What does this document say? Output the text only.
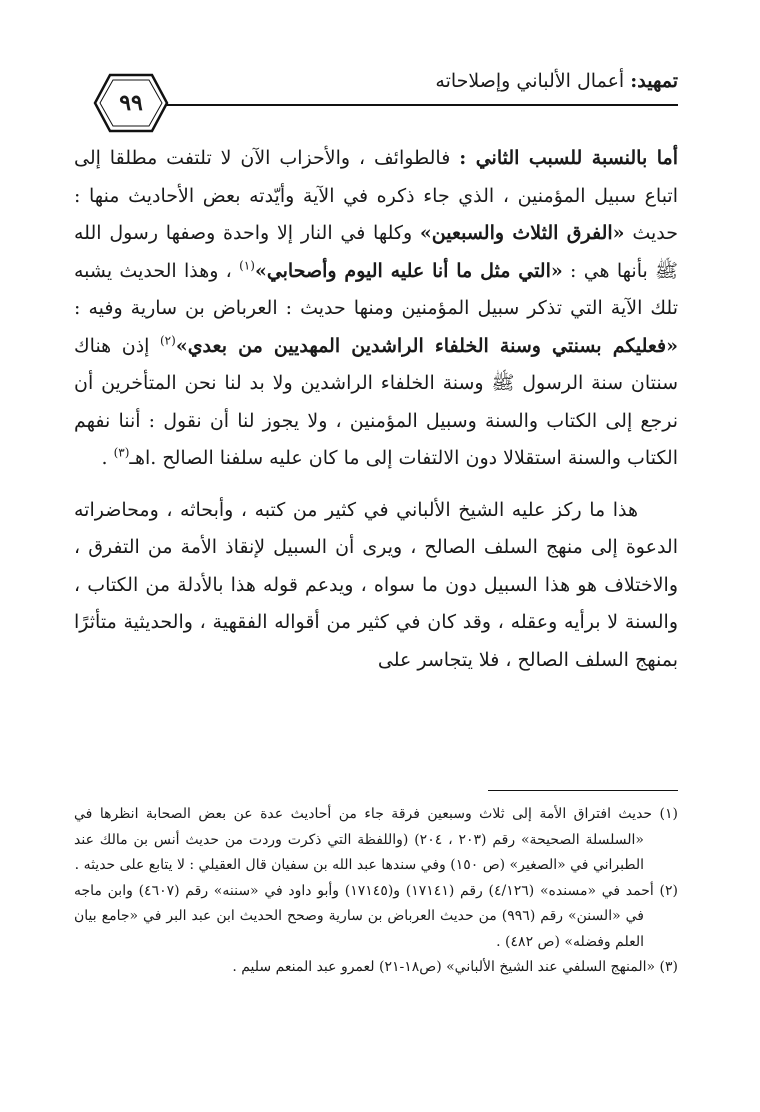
تمهيد: أعمال الألباني وإصلاحاته
٩٩

أما بالنسبة للسبب الثاني : فالطوائف ، والأحزاب الآن لا تلتفت مطلقا إلى اتباع سبيل المؤمنين ، الذي جاء ذكره في الآية وأيّدته بعض الأحاديث منها : حديث «الفرق الثلاث والسبعين» وكلها في النار إلا واحدة وصفها رسول الله ﷺ بأنها هي : «التي مثل ما أنا عليه اليوم وأصحابي»$^{(١)}$ ، وهذا الحديث يشبه تلك الآية التي تذكر سبيل المؤمنين ومنها حديث : العرباض بن سارية وفيه : «فعليكم بسنتي وسنة الخلفاء الراشدين المهديين من بعدي»$^{(٢)}$ إذن هناك سنتان سنة الرسول ﷺ وسنة الخلفاء الراشدين ولا بد لنا نحن المتأخرين أن نرجع إلى الكتاب والسنة وسبيل المؤمنين ، ولا يجوز لنا أن نقول : أننا نفهم الكتاب والسنة استقلالا دون الالتفات إلى ما كان عليه سلفنا الصالح .اهـ$^{(٣)}$ .

هذا ما ركز عليه الشيخ الألباني في كثير من كتبه ، وأبحاثه ، ومحاضراته الدعوة إلى منهج السلف الصالح ، ويرى أن السبيل لإنقاذ الأمة من التفرق ، والاختلاف هو هذا السبيل دون ما سواه ، ويدعم قوله هذا بالأدلة من الكتاب ، والسنة لا برأيه وعقله ، وقد كان في كثير من أقواله الفقهية ، والحديثية متأثرًا بمنهج السلف الصالح ، فلا يتجاسر على

(١) حديث افتراق الأمة إلى ثلاث وسبعين فرقة جاء من أحاديث عدة عن بعض الصحابة انظرها في «السلسلة الصحيحة» رقم (٢٠٣ ، ٢٠٤) (واللفظة التي ذكرت وردت من حديث أنس بن مالك عند الطبراني في «الصغير» (ص ١٥٠) وفي سندها عبد الله بن سفيان قال العقيلي : لا يتابع على حديثه .

(٢) أحمد في «مسنده» (٤/١٢٦) رقم (١٧١٤١) و(١٧١٤٥) وأبو داود في «سننه» رقم (٤٦٠٧) وابن ماجه في «السنن» رقم (٩٩٦) من حديث العرباض بن سارية وصحح الحديث ابن عبد البر في «جامع بيان العلم وفضله» (ص ٤٨٢) .

(٣) «المنهج السلفي عند الشيخ الألباني» (ص١٨-٢١) لعمرو عبد المنعم سليم .
